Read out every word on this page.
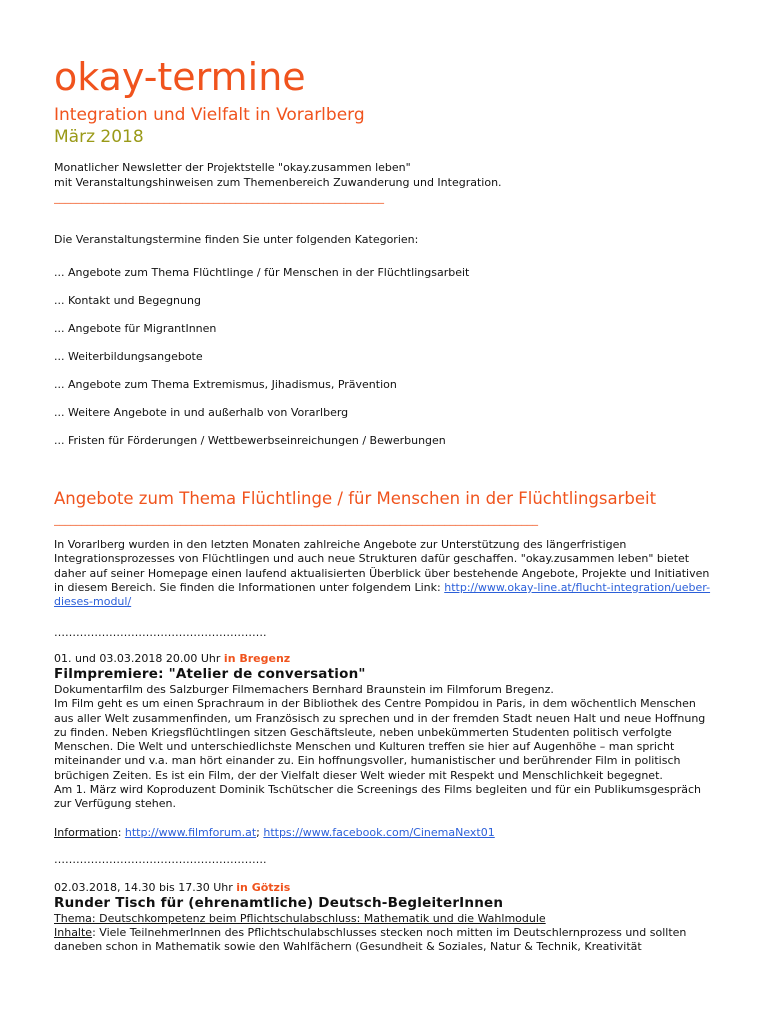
okay-termine
Integration und Vielfalt in Vorarlberg
März 2018
Monatlicher Newsletter der Projektstelle "okay.zusammen leben"
mit Veranstaltungshinweisen zum Themenbereich Zuwanderung und Integration.
____________________________________________________________
Die Veranstaltungstermine finden Sie unter folgenden Kategorien:
... Angebote zum Thema Flüchtlinge / für Menschen in der Flüchtlingsarbeit
... Kontakt und Begegnung
... Angebote für MigrantInnen
... Weiterbildungsangebote
... Angebote zum Thema Extremismus, Jihadismus, Prävention
... Weitere Angebote in und außerhalb von Vorarlberg
... Fristen für Förderungen / Wettbewerbseinreichungen / Bewerbungen
Angebote zum Thema Flüchtlinge / für Menschen in der Flüchtlingsarbeit
________________________________________________________________________________________
In Vorarlberg wurden in den letzten Monaten zahlreiche Angebote zur Unterstützung des längerfristigen Integrationsprozesses von Flüchtlingen und auch neue Strukturen dafür geschaffen. "okay.zusammen leben" bietet daher auf seiner Homepage einen laufend aktualisierten Überblick über bestehende Angebote, Projekte und Initiativen in diesem Bereich. Sie finden die Informationen unter folgendem Link: http://www.okay-line.at/flucht-integration/ueber-dieses-modul/
………………………………………………….
01. und 03.03.2018 20.00 Uhr in Bregenz
Filmpremiere: "Atelier de conversation"
Dokumentarfilm des Salzburger Filmemachers Bernhard Braunstein im Filmforum Bregenz.
Im Film geht es um einen Sprachraum in der Bibliothek des Centre Pompidou in Paris, in dem wöchentlich Menschen aus aller Welt zusammenfinden, um Französisch zu sprechen und in der fremden Stadt neuen Halt und neue Hoffnung zu finden. Neben Kriegsflüchtlingen sitzen Geschäftsleute, neben unbekümmerten Studenten politisch verfolgte Menschen. Die Welt und unterschiedlichste Menschen und Kulturen treffen sie hier auf Augenhöhe – man spricht miteinander und v.a. man hört einander zu. Ein hoffnungsvoller, humanistischer und berührender Film in politisch brüchigen Zeiten. Es ist ein Film, der der Vielfalt dieser Welt wieder mit Respekt und Menschlichkeit begegnet.
Am 1. März wird Koproduzent Dominik Tschütscher die Screenings des Films begleiten und für ein Publikumsgespräch zur Verfügung stehen.
Information: http://www.filmforum.at; https://www.facebook.com/CinemaNext01
………………………………………………….
02.03.2018, 14.30 bis 17.30 Uhr in Götzis
Runder Tisch für (ehrenamtliche) Deutsch-BegleiterInnen
Thema: Deutschkompetenz beim Pflichtschulabschluss: Mathematik und die Wahlmodule
Inhalte: Viele TeilnehmerInnen des Pflichtschulabschlusses stecken noch mitten im Deutschlernprozess und sollten daneben schon in Mathematik sowie den Wahlfächern (Gesundheit & Soziales, Natur & Technik, Kreativität
